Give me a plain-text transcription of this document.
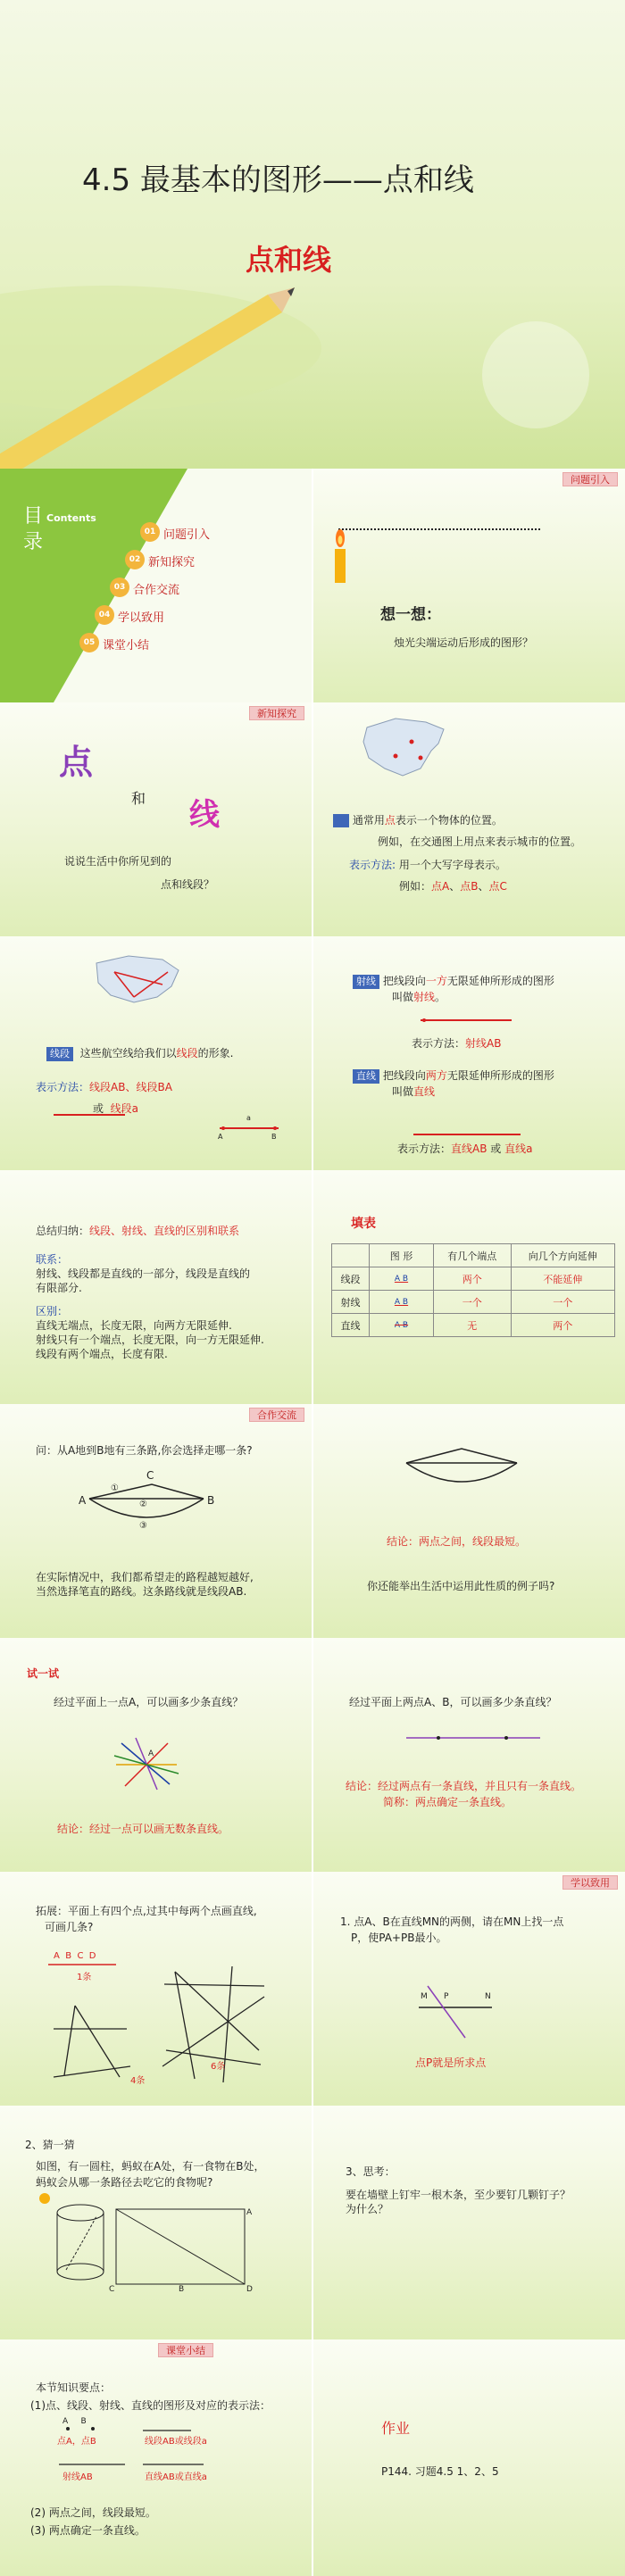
4.5 最基本的图形——点和线
点和线
目录
Contents
01 问题引入
02 新知探究
03 合作交流
04 学以致用
05 课堂小结
问题引入
想一想：
烛光尖端运动后形成的图形？
新知探究
点
和 线
说说生活中你所见到的
点和线段？
通常用点表示一个物体的位置。
例如，在交通图上用点来表示城市的位置。
表示方法: 用一个大写字母表示。
例如：点A、点B、点C
线段 这些航空线给我们以线段的形象.
表示方法：线段AB、线段BA
或 线段a
A	B
a
射线 把线段向一方无限延伸所形成的图形
叫做射线。
表示方法：射线AB
直线 把线段向两方无限延伸所形成的图形
叫做直线
表示方法：直线AB 或 直线a
总结归纳：线段、射线、直线的区别和联系
联系：
射线、线段都是直线的一部分，线段是直线的
有限部分.
区别：
直线无端点，长度无限，向两方无限延伸.
射线只有一个端点，长度无限，向一方无限延伸.
线段有两个端点，长度有限.
填表
	图 形	有几个端点	向几个方向延伸
线段	A B	两个	不能延伸
射线	A B	一个	一个
直线	A B	无	两个
合作交流
问：从A地到B地有三条路,你会选择走哪一条?
C
A	B
①
②
③
在实际情况中，我们都希望走的路程越短越好,
当然选择笔直的路线。这条路线就是线段AB.
结论：两点之间，线段最短。
你还能举出生活中运用此性质的例子吗?
试一试
经过平面上一点A，可以画多少条直线？
A
结论：经过一点可以画无数条直线。
经过平面上两点A、B，可以画多少条直线？
结论：经过两点有一条直线，并且只有一条直线。
简称：两点确定一条直线。
拓展：平面上有四个点,过其中每两个点画直线,
可画几条?
A B C D
1条
4条
6条
学以致用
1. 点A、B在直线MN的两侧，请在MN上找一点
P，使PA+PB最小。
M P	N
点P就是所求点
2、猜一猜
如图，有一圆柱，蚂蚁在A处，有一食物在B处，
蚂蚁会从哪一条路径去吃它的食物呢?
A
B
C	D
3、思考：
要在墙壁上钉牢一根木条，至少要钉几颗钉子？
为什么？
课堂小结
本节知识要点：
(1)点、线段、射线、直线的图形及对应的表示法：
A B
点A，点B	线段AB或线段a
射线AB	直线AB或直线a
(2) 两点之间，线段最短。
(3) 两点确定一条直线。
作业
P144. 习题4.5 1、2、5
